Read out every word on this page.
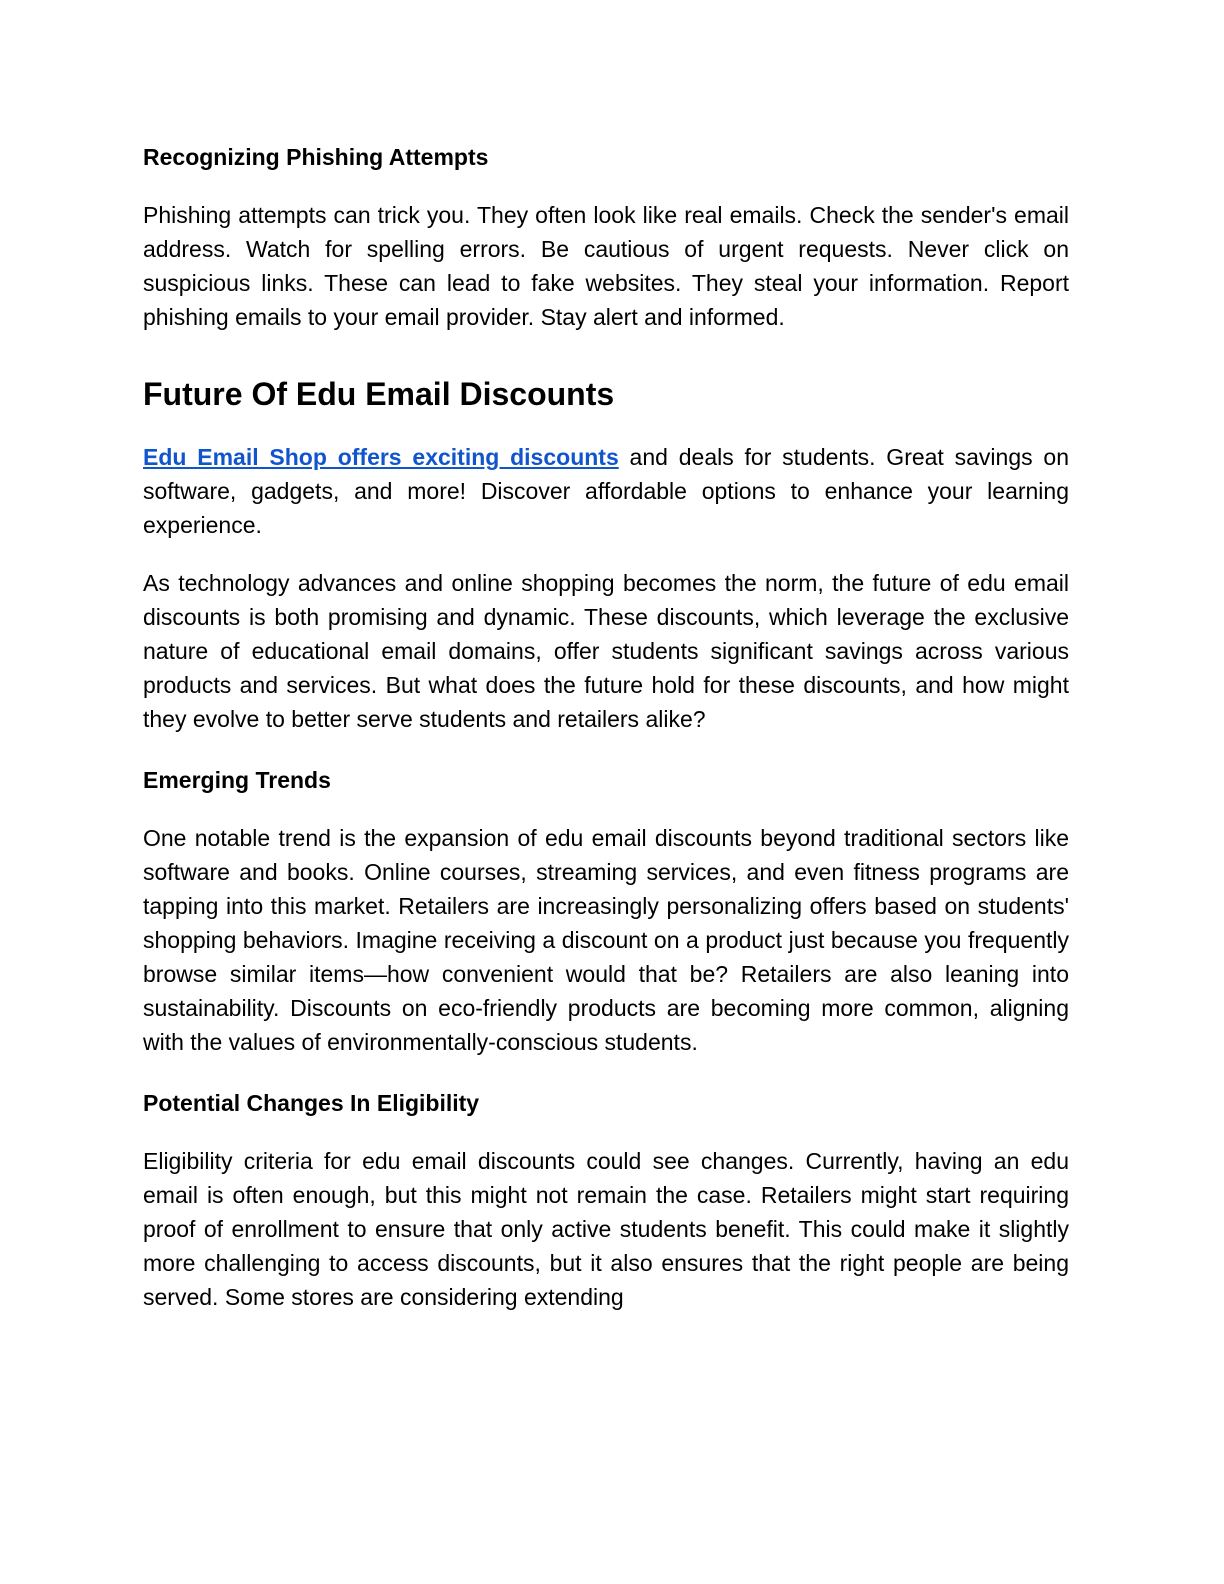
Recognizing Phishing Attempts

Phishing attempts can trick you. They often look like real emails. Check the sender's email address. Watch for spelling errors. Be cautious of urgent requests. Never click on suspicious links. These can lead to fake websites. They steal your information. Report phishing emails to your email provider. Stay alert and informed.

Future Of Edu Email Discounts

Edu Email Shop offers exciting discounts and deals for students. Great savings on software, gadgets, and more! Discover affordable options to enhance your learning experience.

As technology advances and online shopping becomes the norm, the future of edu email discounts is both promising and dynamic. These discounts, which leverage the exclusive nature of educational email domains, offer students significant savings across various products and services. But what does the future hold for these discounts, and how might they evolve to better serve students and retailers alike?

Emerging Trends

One notable trend is the expansion of edu email discounts beyond traditional sectors like software and books. Online courses, streaming services, and even fitness programs are tapping into this market. Retailers are increasingly personalizing offers based on students' shopping behaviors. Imagine receiving a discount on a product just because you frequently browse similar items—how convenient would that be? Retailers are also leaning into sustainability. Discounts on eco-friendly products are becoming more common, aligning with the values of environmentally-conscious students.

Potential Changes In Eligibility

Eligibility criteria for edu email discounts could see changes. Currently, having an edu email is often enough, but this might not remain the case. Retailers might start requiring proof of enrollment to ensure that only active students benefit. This could make it slightly more challenging to access discounts, but it also ensures that the right people are being served. Some stores are considering extending
